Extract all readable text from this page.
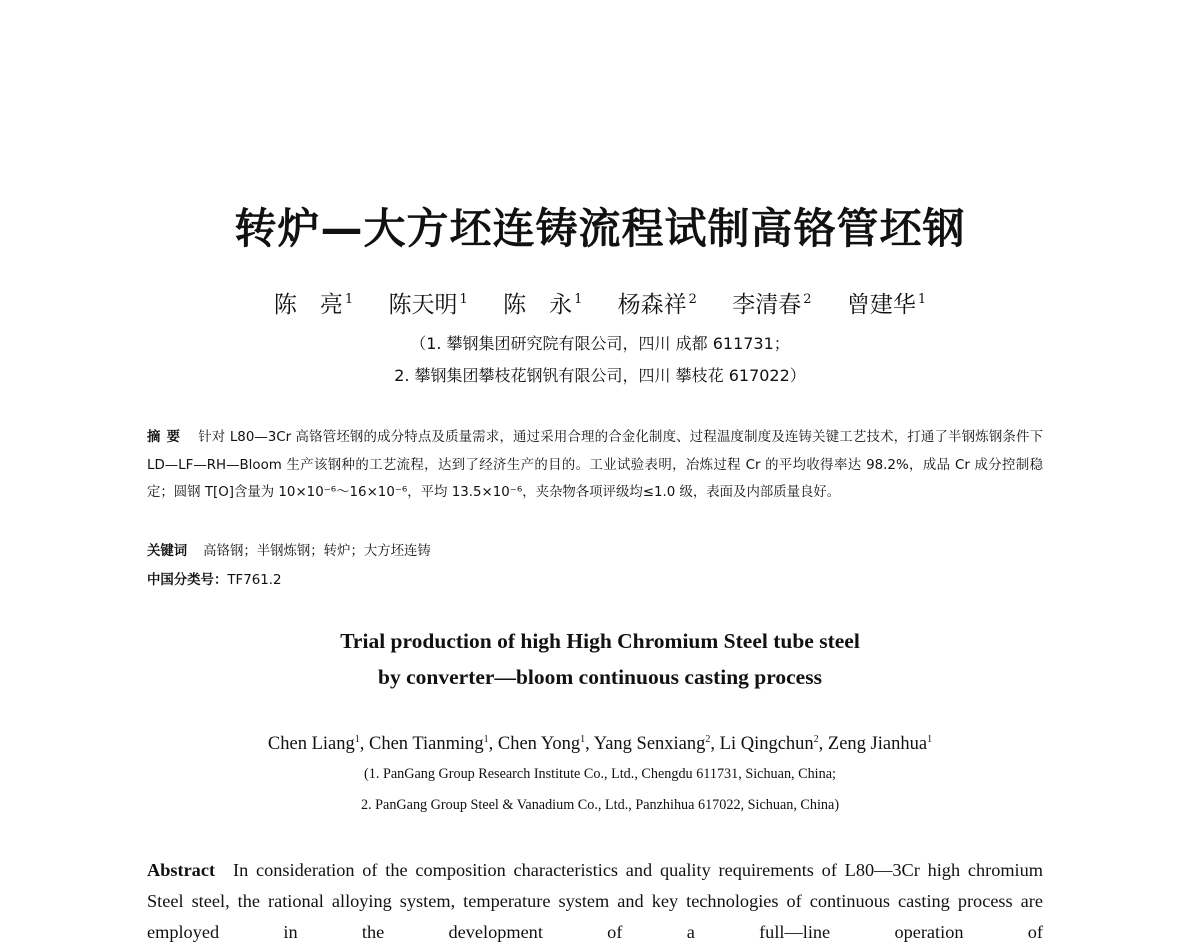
转炉—大方坯连铸流程试制高铬管坯钢
陈　亮 $^1$ 陈天明 $^1$ 陈　永 $^1$ 杨森祥 $^2$ 李清春 $^2$ 曾建华 $^1$
（1. 攀钢集团研究院有限公司，四川 成都 611731；
2. 攀钢集团攀枝花钢钒有限公司，四川 攀枝花 617022）
摘要 针对 L80—3Cr 高铬管坯钢的成分特点及质量需求，通过采用合理的合金化制度、过程温度制度及连铸关键工艺技术，打通了半钢炼钢条件下 LD—LF—RH—Bloom 生产该钢种的工艺流程，达到了经济生产的目的。工业试验表明，冶炼过程 Cr 的平均收得率达 98.2%，成品 Cr 成分控制稳定；圆钢 T[O]含量为 10×10⁻⁶～16×10⁻⁶，平均 13.5×10⁻⁶，夹杂物各项评级均≤1.0 级，表面及内部质量良好。
关键词 高铬钢；半钢炼钢；转炉；大方坯连铸
中国分类号：TF761.2
Trial production of high High Chromium Steel tube steel
by converter—bloom continuous casting process
Chen Liang$^1$, Chen Tianming$^1$, Chen Yong$^1$, Yang Senxiang$^2$, Li Qingchun$^2$, Zeng Jianhua$^1$
(1. PanGang Group Research Institute Co., Ltd., Chengdu 611731, Sichuan, China;
2. PanGang Group Steel & Vanadium Co., Ltd., Panzhihua 617022, Sichuan, China)
Abstract In consideration of the composition characteristics and quality requirements of L80—3Cr high chromium Steel steel, the rational alloying system, temperature system and key technologies of continuous casting process are employed in the development of a full—line operation of
